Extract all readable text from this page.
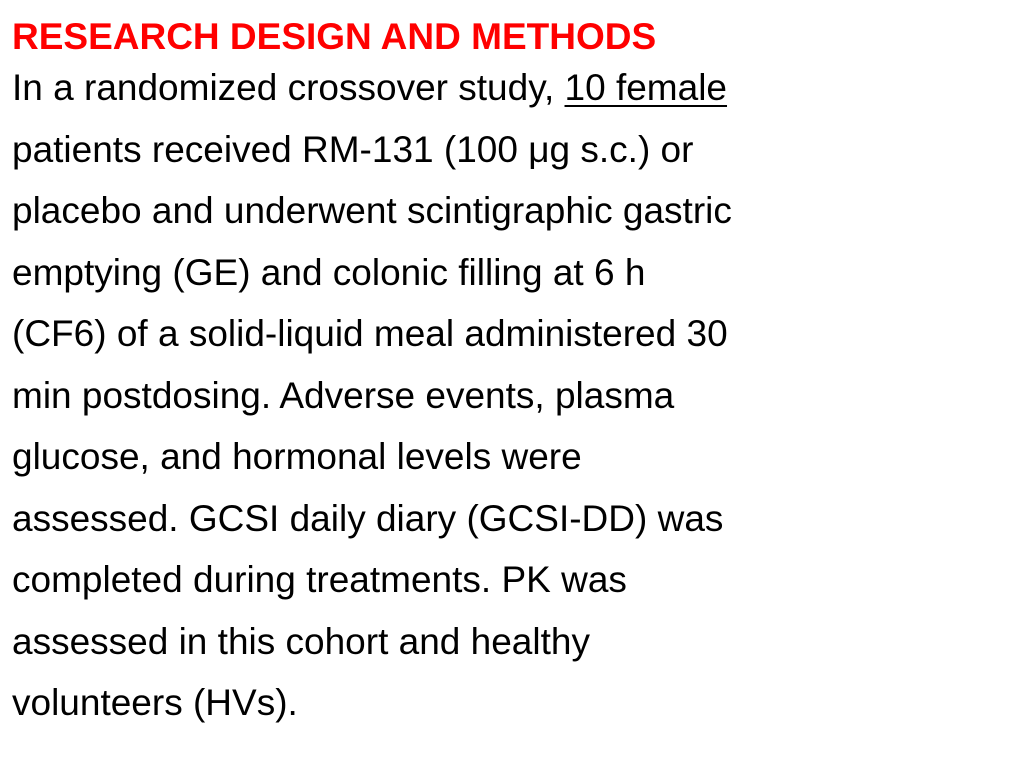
RESEARCH DESIGN AND METHODS

In a randomized crossover study, 10 female
patients received RM-131 (100 μg s.c.) or
placebo and underwent scintigraphic gastric
emptying (GE) and colonic filling at 6 h
(CF6) of a solid-liquid meal administered 30
min postdosing. Adverse events, plasma
glucose, and hormonal levels were
assessed. GCSI daily diary (GCSI-DD) was
completed during treatments. PK was
assessed in this cohort and healthy
volunteers (HVs).
